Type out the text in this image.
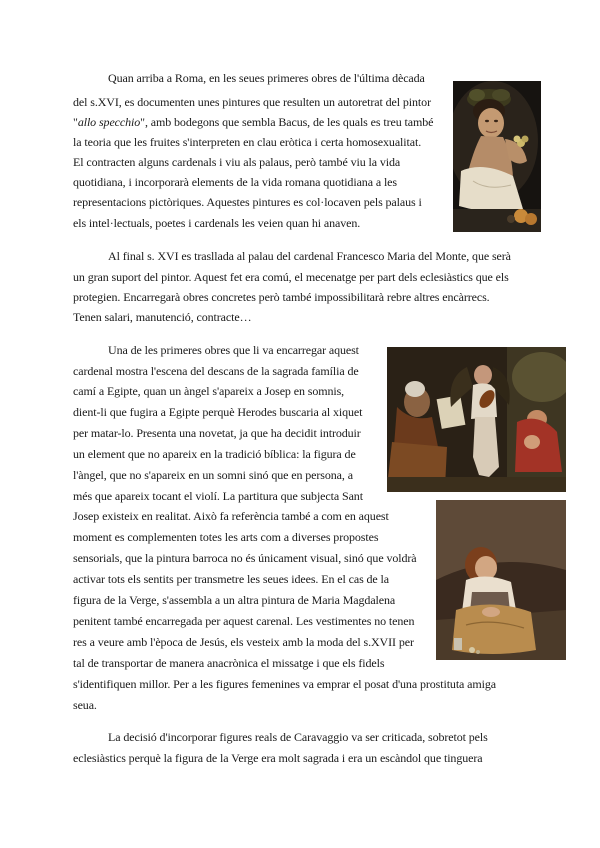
Quan arriba a Roma, en les seues primeres obres de l'última dècada
del s.XVI, es documenten unes pintures que resulten un autoretrat del pintor
"allo specchio", amb bodegons que sembla Bacus, de les quals es treu també
la teoria que les fruites s'interpreten en clau eròtica i certa homosexualitat.
El contracten alguns cardenals i viu als palaus, però també viu la vida
quotidiana, i incorporarà elements de la vida romana quotidiana a les
representacions pictòriques. Aquestes pintures es col·locaven pels palaus i
els intel·lectuals, poetes i cardenals les veien quan hi anaven.
Al final s. XVI es trasllada al palau del cardenal Francesco Maria del Monte, que serà
un gran suport del pintor. Aquest fet era comú, el mecenatge per part dels eclesiàstics que els
protegien. Encarregarà obres concretes però també impossibilitarà rebre altres encàrrecs.
Tenen salari, manutenció, contracte…
Una de les primeres obres que li va encarregar aquest
cardenal mostra l'escena del descans de la sagrada família de
camí a Egipte, quan un àngel s'apareix a Josep en somnis,
dient-li que fugira a Egipte perquè Herodes buscaria al xiquet
per matar-lo. Presenta una novetat, ja que ha decidit introduir
un element que no apareix en la tradició bíblica: la figura de
l'àngel, que no s'apareix en un somni sinó que en persona, a
més que apareix tocant el violí. La partitura que subjecta Sant
Josep existeix en realitat. Això fa referència també a com en aquest
moment es complementen totes les arts com a diverses propostes
sensorials, que la pintura barroca no és únicament visual, sinó que voldrà
activar tots els sentits per transmetre les seues idees. En el cas de la
figura de la Verge, s'assembla a un altra pintura de Maria Magdalena
penitent també encarregada per aquest carenal. Les vestimentes no tenen
res a veure amb l'època de Jesús, els vesteix amb la moda del s.XVII per
tal de transportar de manera anacrònica el missatge i que els fidels
s'identifiquen millor. Per a les figures femenines va emprar el posat d'una prostituta amiga
seua.
La decisió d'incorporar figures reals de Caravaggio va ser criticada, sobretot pels
eclesiàstics perquè la figura de la Verge era molt sagrada i era un escàndol que tinguera
